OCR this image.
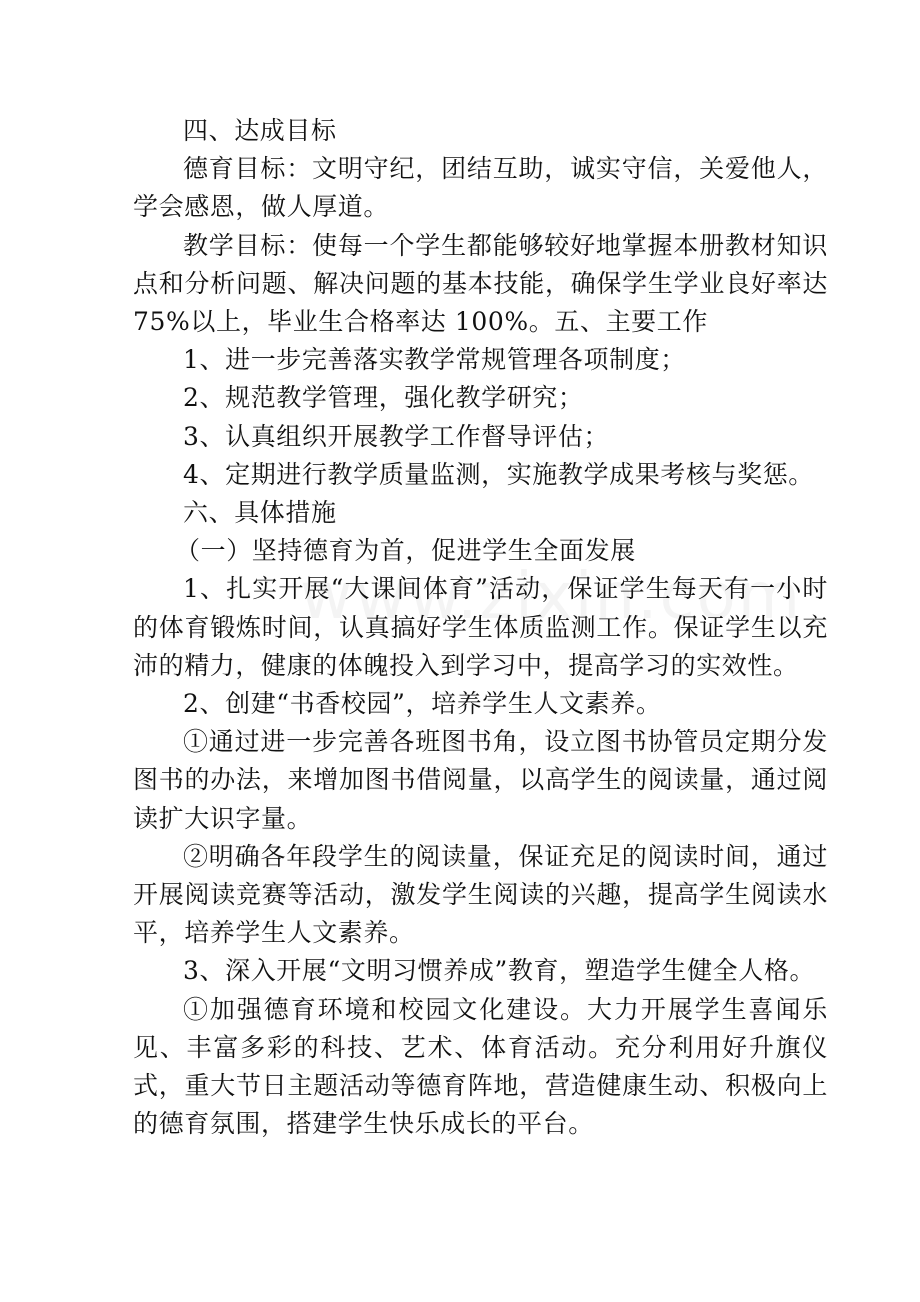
四、达成目标

德育目标：文明守纪，团结互助，诚实守信，关爱他人，学会感恩，做人厚道。

教学目标：使每一个学生都能够较好地掌握本册教材知识点和分析问题、解决问题的基本技能，确保学生学业良好率达 75%以上，毕业生合格率达 100%。五、主要工作

1、进一步完善落实教学常规管理各项制度；

2、规范教学管理，强化教学研究；

3、认真组织开展教学工作督导评估；

4、定期进行教学质量监测，实施教学成果考核与奖惩。

六、具体措施

（一）坚持德育为首，促进学生全面发展

1、扎实开展“大课间体育”活动，保证学生每天有一小时的体育锻炼时间，认真搞好学生体质监测工作。保证学生以充沛的精力，健康的体魄投入到学习中，提高学习的实效性。

2、创建“书香校园”，培养学生人文素养。

①通过进一步完善各班图书角，设立图书协管员定期分发图书的办法，来增加图书借阅量，以高学生的阅读量，通过阅读扩大识字量。

②明确各年段学生的阅读量，保证充足的阅读时间，通过开展阅读竞赛等活动，激发学生阅读的兴趣，提高学生阅读水平，培养学生人文素养。

3、深入开展“文明习惯养成”教育，塑造学生健全人格。

①加强德育环境和校园文化建设。大力开展学生喜闻乐见、丰富多彩的科技、艺术、体育活动。充分利用好升旗仪式，重大节日主题活动等德育阵地，营造健康生动、积极向上的德育氛围，搭建学生快乐成长的平台。
